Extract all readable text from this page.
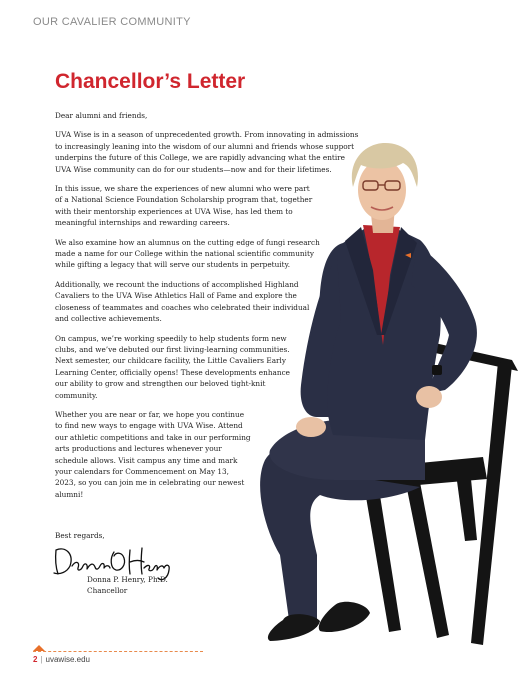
OUR CAVALIER COMMUNITY
Chancellor’s Letter

Dear alumni and friends,

UVA Wise is in a season of unprecedented growth. From innovating in admissions to increasingly leaning into the wisdom of our alumni and friends whose support underpins the future of this College, we are rapidly advancing what the entire UVA Wise community can do for our students—now and for their lifetimes.

In this issue, we share the experiences of new alumni who were part of a National Science Foundation Scholarship program that, together with their mentorship experiences at UVA Wise, has led them to meaningful internships and rewarding careers.

We also examine how an alumnus on the cutting edge of fungi research made a name for our College within the national scientific community while gifting a legacy that will serve our students in perpetuity.

Additionally, we recount the inductions of accomplished Highland Cavaliers to the UVA Wise Athletics Hall of Fame and explore the closeness of teammates and coaches who celebrated their individual and collective achievements.

On campus, we’re working speedily to help students form new clubs, and we’ve debuted our first living-learning communities. Next semester, our childcare facility, the Little Cavaliers Early Learning Center, officially opens! These developments enhance our ability to grow and strengthen our beloved tight-knit community.

Whether you are near or far, we hope you continue to find new ways to engage with UVA Wise. Attend our athletic competitions and take in our performing arts productions and lectures whenever your schedule allows. Visit campus any time and mark your calendars for Commencement on May 13, 2023, so you can join me in celebrating our newest alumni!

Best regards,
Donna P. Henry, Ph.D.
Chancellor
2 | uvawise.edu
